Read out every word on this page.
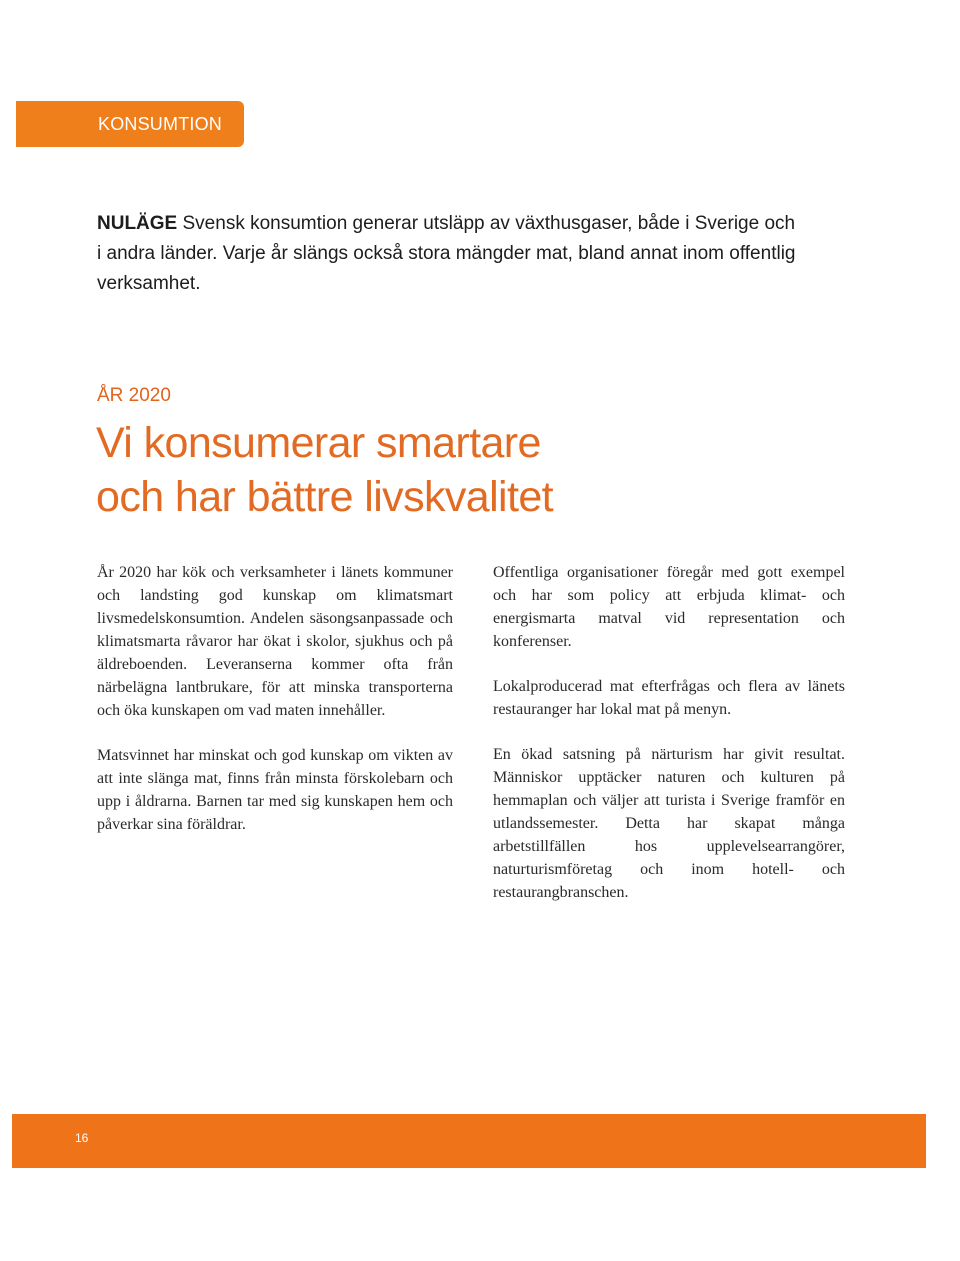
KONSUMTION
NULÄGE Svensk konsumtion generar utsläpp av växthusgaser, både i Sverige och i andra länder. Varje år slängs också stora mängder mat, bland annat inom offentlig verksamhet.
ÅR 2020
Vi konsumerar smartare
och har bättre livskvalitet

År 2020 har kök och verksamheter i länets kommuner och landsting god kunskap om klimatsmart livsmedelskonsumtion. Andelen säsongsanpassade och klimatsmarta råvaror har ökat i skolor, sjukhus och på äldreboenden. Leveranserna kommer ofta från närbelägna lantbrukare, för att minska transporterna och öka kunskapen om vad maten innehåller.

Matsvinnet har minskat och god kunskap om vikten av att inte slänga mat, finns från minsta förskolebarn och upp i åldrarna. Barnen tar med sig kunskapen hem och påverkar sina föräldrar.

Offentliga organisationer föregår med gott exempel och har som policy att erbjuda klimat- och energismarta matval vid representation och konferenser.

Lokalproducerad mat efterfrågas och flera av länets restauranger har lokal mat på menyn.

En ökad satsning på närturism har givit resultat. Människor upptäcker naturen och kulturen på hemmaplan och väljer att turista i Sverige framför en utlandssemester. Detta har skapat många arbetstillfällen hos upplevelsearrangörer, naturturismföretag och inom hotell- och restaurangbranschen.

16
